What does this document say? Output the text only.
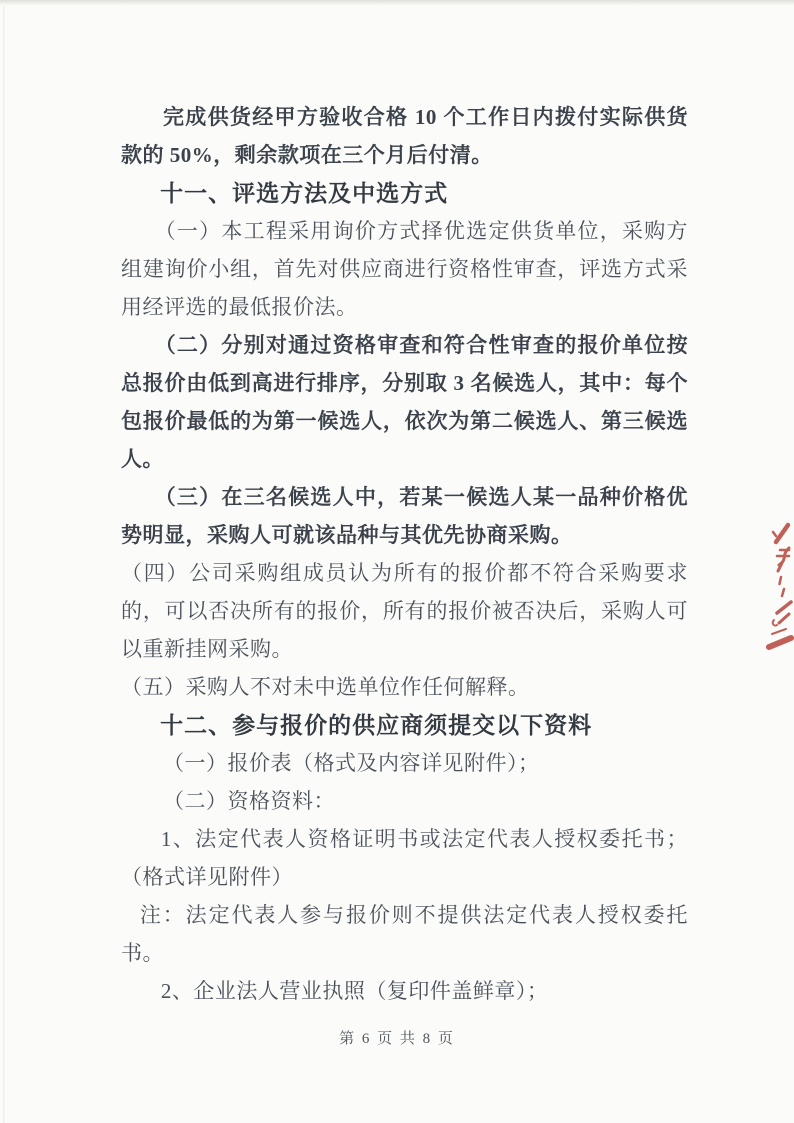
完成供货经甲方验收合格 10 个工作日内拨付实际供货款的 50%，剩余款项在三个月后付清。

十一、评选方法及中选方式

（一）本工程采用询价方式择优选定供货单位，采购方组建询价小组，首先对供应商进行资格性审查，评选方式采用经评选的最低报价法。

（二）分别对通过资格审查和符合性审查的报价单位按总报价由低到高进行排序，分别取 3 名候选人，其中：每个包报价最低的为第一候选人，依次为第二候选人、第三候选人。

（三）在三名候选人中，若某一候选人某一品种价格优势明显，采购人可就该品种与其优先协商采购。

（四）公司采购组成员认为所有的报价都不符合采购要求的，可以否决所有的报价，所有的报价被否决后，采购人可以重新挂网采购。

（五）采购人不对未中选单位作任何解释。

十二、参与报价的供应商须提交以下资料

（一）报价表（格式及内容详见附件）；

（二）资格资料：

1、法定代表人资格证明书或法定代表人授权委托书；（格式详见附件）

注：法定代表人参与报价则不提供法定代表人授权委托书。

2、企业法人营业执照（复印件盖鲜章）；

第 6 页 共 8 页
